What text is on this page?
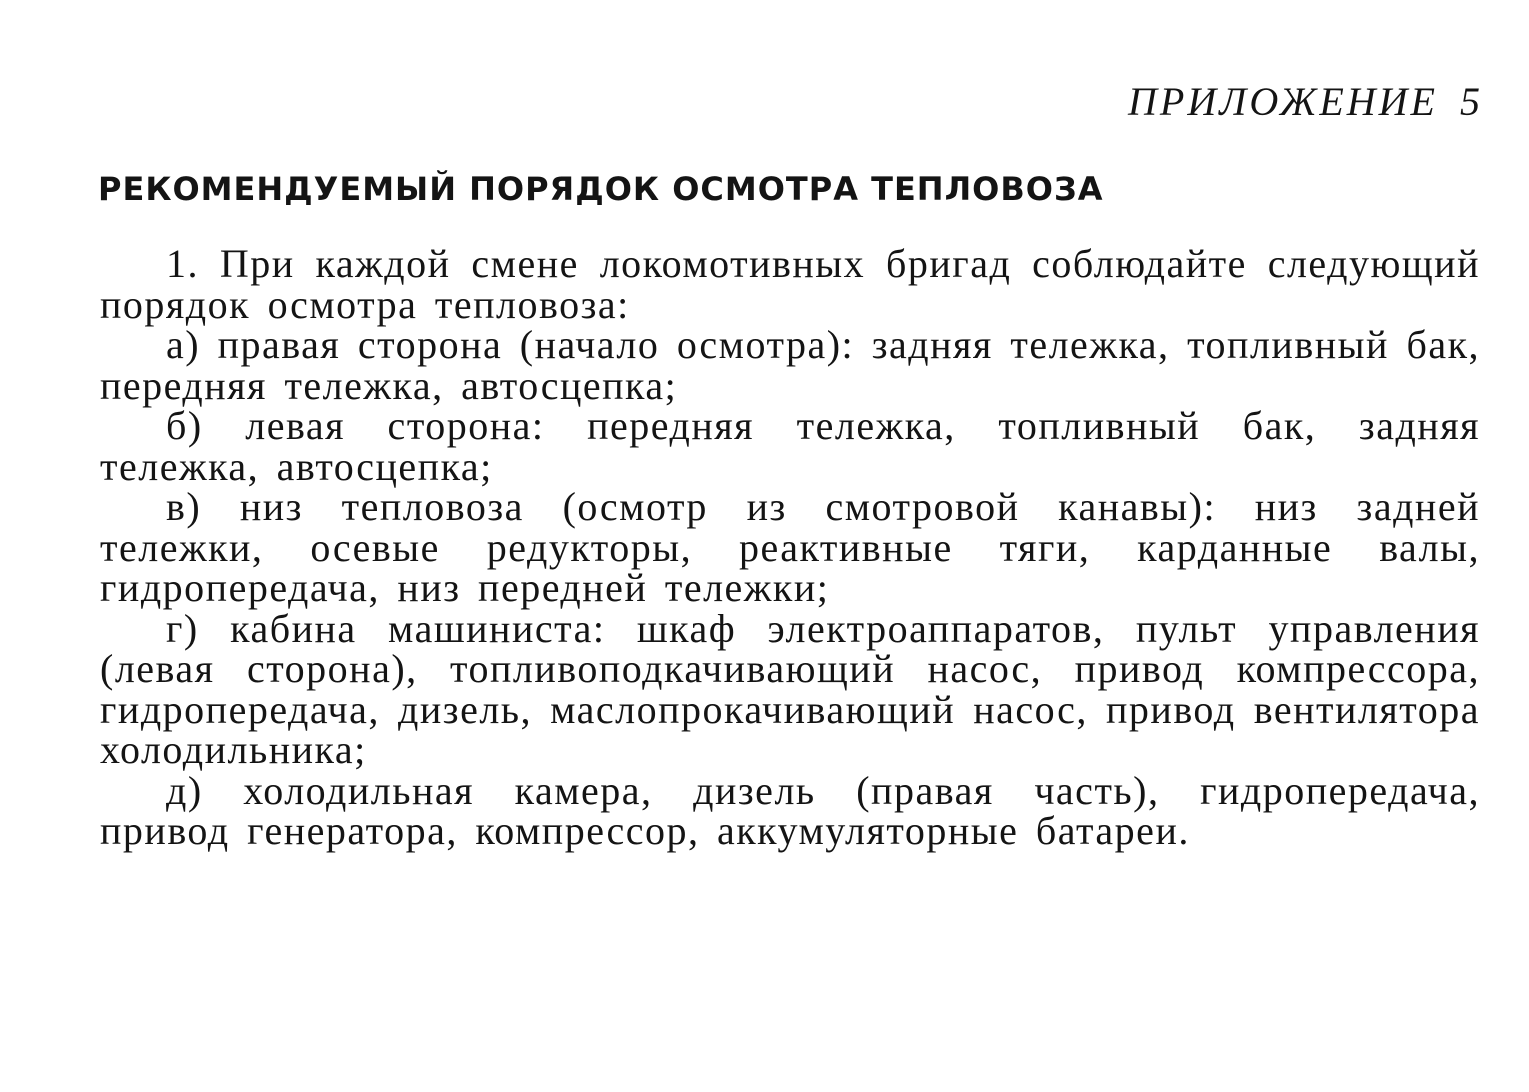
ПРИЛОЖЕНИЕ 5
РЕКОМЕНДУЕМЫЙ ПОРЯДОК ОСМОТРА ТЕПЛОВОЗА

1. При каждой смене локомотивных бригад соблюдайте следующий порядок осмотра тепловоза:

а) правая сторона (начало осмотра): задняя тележка, топливный бак, передняя тележка, автосцепка;

б) левая сторона: передняя тележка, топливный бак, задняя тележка, автосцепка;

в) низ тепловоза (осмотр из смотровой канавы): низ задней тележки, осевые редукторы, реактивные тяги, карданные валы, гидропередача, низ передней тележки;

г) кабина машиниста: шкаф электроаппаратов, пульт управления (левая сторона), топливоподкачивающий насос, привод компрессора, гидропередача, дизель, маслопрокачивающий насос, привод вентилятора холодильника;

д) холодильная камера, дизель (правая часть), гидропередача, привод генератора, компрессор, аккумуляторные батареи.
